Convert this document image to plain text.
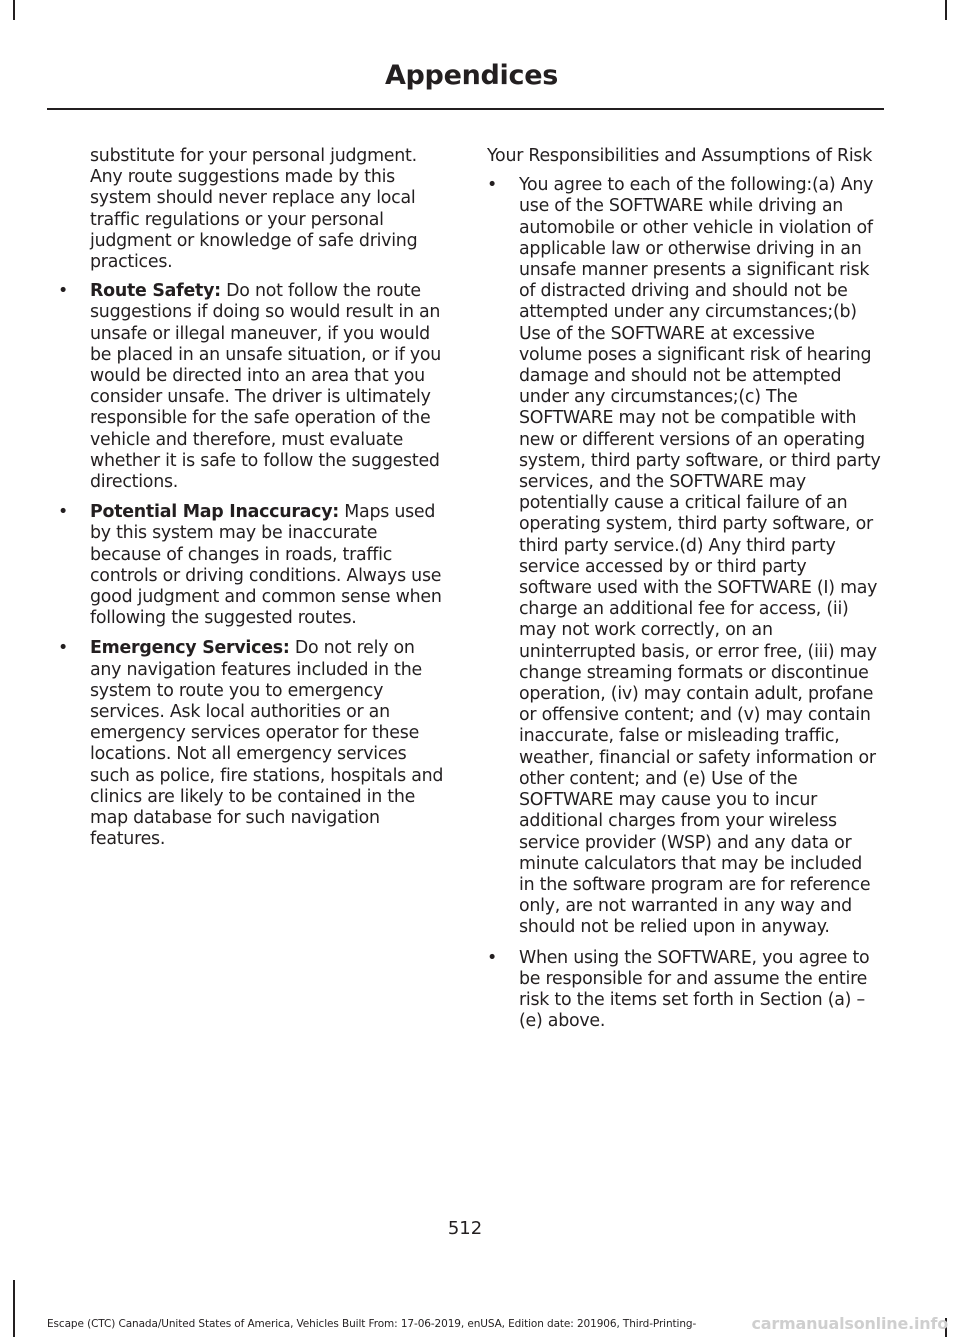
Appendices

substitute for your personal judgment. Any route suggestions made by this system should never replace any local traffic regulations or your personal judgment or knowledge of safe driving practices.

• Route Safety: Do not follow the route suggestions if doing so would result in an unsafe or illegal maneuver, if you would be placed in an unsafe situation, or if you would be directed into an area that you consider unsafe. The driver is ultimately responsible for the safe operation of the vehicle and therefore, must evaluate whether it is safe to follow the suggested directions.
• Potential Map Inaccuracy: Maps used by this system may be inaccurate because of changes in roads, traffic controls or driving conditions. Always use good judgment and common sense when following the suggested routes.
• Emergency Services: Do not rely on any navigation features included in the system to route you to emergency services. Ask local authorities or an emergency services operator for these locations. Not all emergency services such as police, fire stations, hospitals and clinics are likely to be contained in the map database for such navigation features.

Your Responsibilities and Assumptions of Risk

• You agree to each of the following:(a) Any use of the SOFTWARE while driving an automobile or other vehicle in violation of applicable law or otherwise driving in an unsafe manner presents a significant risk of distracted driving and should not be attempted under any circumstances;(b) Use of the SOFTWARE at excessive volume poses a significant risk of hearing damage and should not be attempted under any circumstances;(c) The SOFTWARE may not be compatible with new or different versions of an operating system, third party software, or third party services, and the SOFTWARE may potentially cause a critical failure of an operating system, third party software, or third party service.(d) Any third party service accessed by or third party software used with the SOFTWARE (I) may charge an additional fee for access, (ii) may not work correctly, on an uninterrupted basis, or error free, (iii) may change streaming formats or discontinue operation, (iv) may contain adult, profane or offensive content; and (v) may contain inaccurate, false or misleading traffic, weather, financial or safety information or other content; and (e) Use of the SOFTWARE may cause you to incur additional charges from your wireless service provider (WSP) and any data or minute calculators that may be included in the software program are for reference only, are not warranted in any way and should not be relied upon in anyway.
• When using the SOFTWARE, you agree to be responsible for and assume the entire risk to the items set forth in Section (a) – (e) above.
512
Escape (CTC) Canada/United States of America, Vehicles Built From: 17-06-2019, enUSA, Edition date: 201906, Third-Printing-	carmanualsonline.info
